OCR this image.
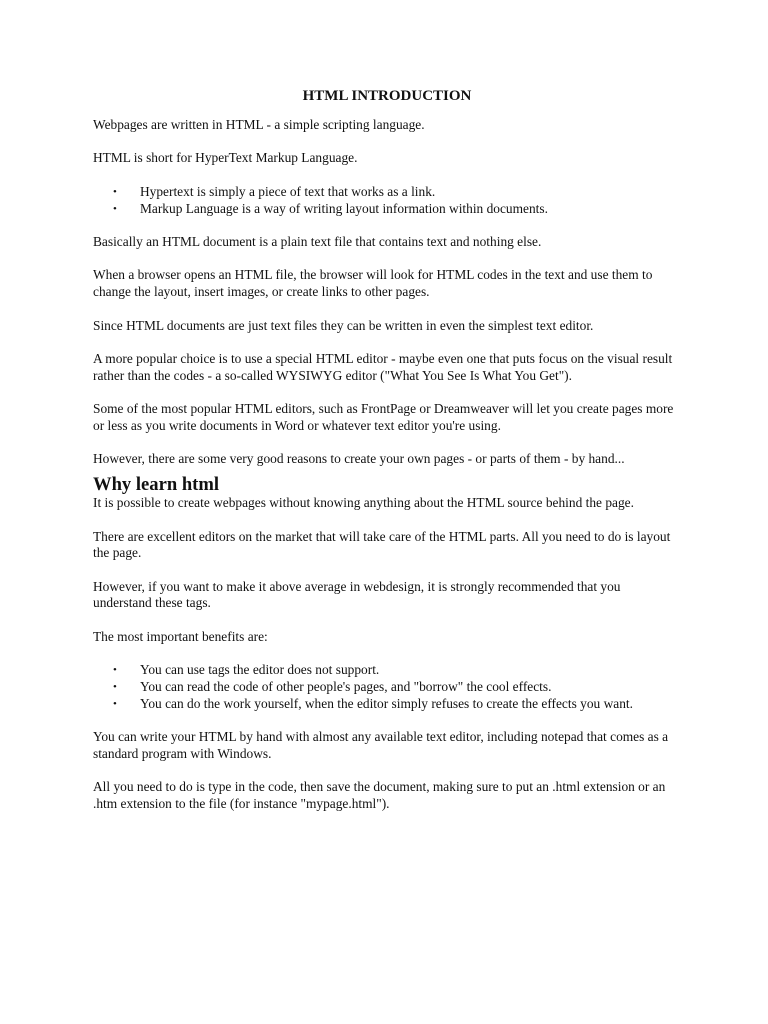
HTML INTRODUCTION

Webpages are written in HTML - a simple scripting language.

HTML is short for HyperText Markup Language.

• Hypertext is simply a piece of text that works as a link.
• Markup Language is a way of writing layout information within documents.

Basically an HTML document is a plain text file that contains text and nothing else.

When a browser opens an HTML file, the browser will look for HTML codes in the text and use them to change the layout, insert images, or create links to other pages.

Since HTML documents are just text files they can be written in even the simplest text editor.

A more popular choice is to use a special HTML editor - maybe even one that puts focus on the visual result rather than the codes - a so-called WYSIWYG editor ("What You See Is What You Get").

Some of the most popular HTML editors, such as FrontPage or Dreamweaver will let you create pages more or less as you write documents in Word or whatever text editor you're using.

However, there are some very good reasons to create your own pages - or parts of them - by hand...

Why learn html

It is possible to create webpages without knowing anything about the HTML source behind the page.

There are excellent editors on the market that will take care of the HTML parts. All you need to do is layout the page.

However, if you want to make it above average in webdesign, it is strongly recommended that you understand these tags.

The most important benefits are:

• You can use tags the editor does not support.
• You can read the code of other people's pages, and "borrow" the cool effects.
• You can do the work yourself, when the editor simply refuses to create the effects you want.

You can write your HTML by hand with almost any available text editor, including notepad that comes as a standard program with Windows.

All you need to do is type in the code, then save the document, making sure to put an .html extension or an .htm extension to the file (for instance "mypage.html").
